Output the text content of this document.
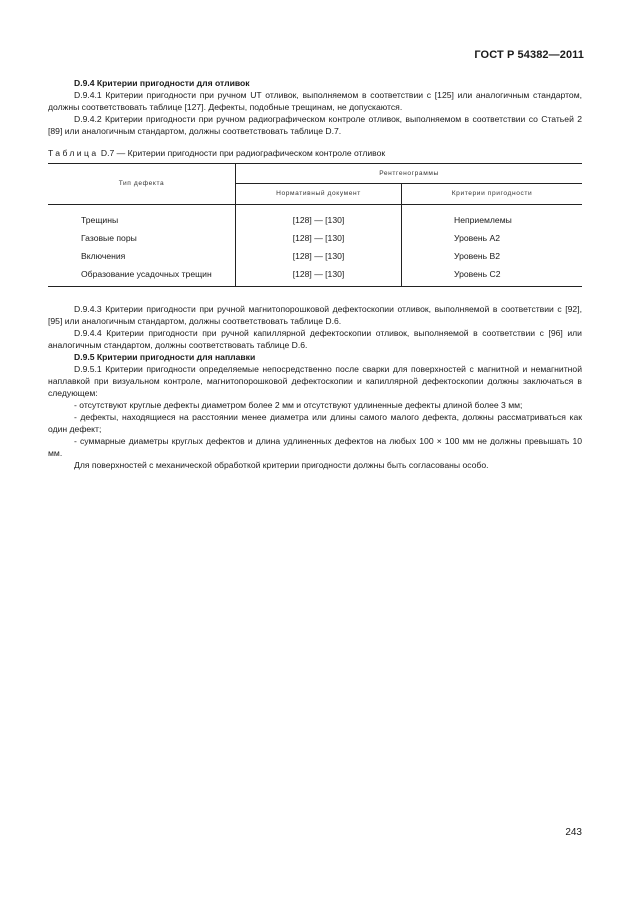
ГОСТ Р 54382—2011

D.9.4 Критерии пригодности для отливок

D.9.4.1 Критерии пригодности при ручном UT отливок, выполняемом в соответствии с [125] или аналогичным стандартом, должны соответствовать таблице [127]. Дефекты, подобные трещинам, не допускаются.

D.9.4.2 Критерии пригодности при ручном радиографическом контроле отливок, выполняемом в соответствии со Статьей 2 [89] или аналогичным стандартом, должны соответствовать таблице D.7.

Таблица D.7 — Критерии пригодности при радиографическом контроле отливок
Тип дефекта	Рентгенограммы	
	Нормативный документ	Критерии пригодности
Трещины	[128] — [130]	Неприемлемы
Газовые поры	[128] — [130]	Уровень А2
Включения	[128] — [130]	Уровень В2
Образование усадочных трещин	[128] — [130]	Уровень С2

D.9.4.3 Критерии пригодности при ручной магнитопорошковой дефектоскопии отливок, выполняемой в соответствии с [92], [95] или аналогичным стандартом, должны соответствовать таблице D.6.

D.9.4.4 Критерии пригодности при ручной капиллярной дефектоскопии отливок, выполняемой в соответствии с [96] или аналогичным стандартом, должны соответствовать таблице D.6.

D.9.5 Критерии пригодности для наплавки

D.9.5.1 Критерии пригодности определяемые непосредственно после сварки для поверхностей с магнитной и немагнитной наплавкой при визуальном контроле, магнитопорошковой дефектоскопии и капиллярной дефектоскопии должны заключаться в следующем:

- отсутствуют круглые дефекты диаметром более 2 мм и отсутствуют удлиненные дефекты длиной более 3 мм;

- дефекты, находящиеся на расстоянии менее диаметра или длины самого малого дефекта, должны рассматриваться как один дефект;

- суммарные диаметры круглых дефектов и длина удлиненных дефектов на любых 100 × 100 мм не должны превышать 10 мм.

Для поверхностей с механической обработкой критерии пригодности должны быть согласованы особо.

243
